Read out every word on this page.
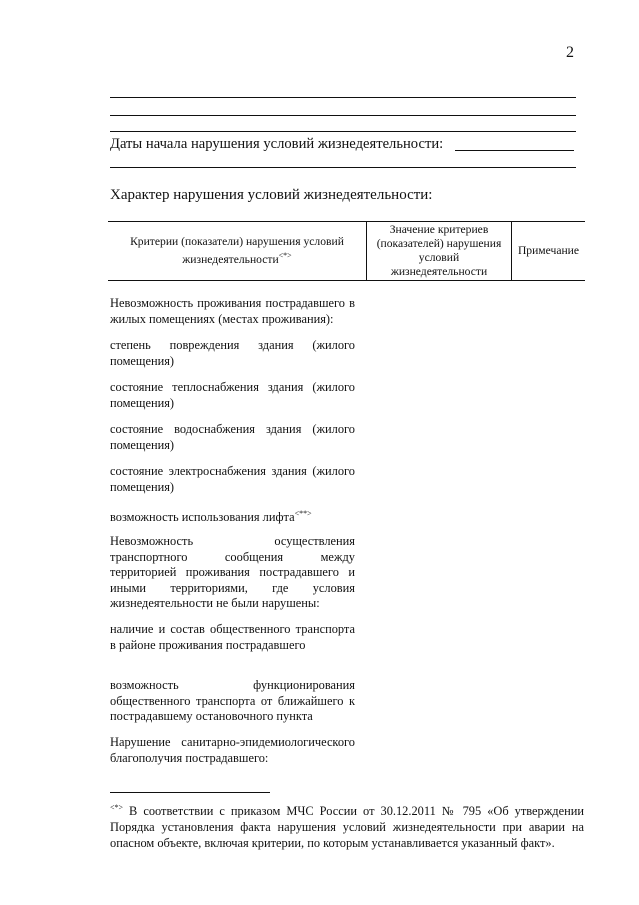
2
Даты начала нарушения условий жизнедеятельности:
Характер нарушения условий жизнедеятельности:
Критерии (показатели) нарушения условий жизнедеятельности<*>	Значение критериев (показателей) нарушения условий жизнедеятельности	Примечание
Невозможность проживания пострадавшего в жилых помещениях (местах проживания):
степень повреждения здания (жилого помещения)
состояние теплоснабжения здания (жилого помещения)
состояние водоснабжения здания (жилого помещения)
состояние электроснабжения здания (жилого помещения)
возможность использования лифта<**>
Невозможность осуществления транспортного сообщения между территорией проживания пострадавшего и иными территориями, где условия жизнедеятельности не были нарушены:
наличие и состав общественного транспорта в районе проживания пострадавшего
возможность функционирования общественного транспорта от ближайшего к пострадавшему остановочного пункта
Нарушение санитарно-эпидемиологического благополучия пострадавшего:
<*> В соответствии с приказом МЧС России от 30.12.2011 № 795 «Об утверждении Порядка установления факта нарушения условий жизнедеятельности при аварии на опасном объекте, включая критерии, по которым устанавливается указанный факт».
